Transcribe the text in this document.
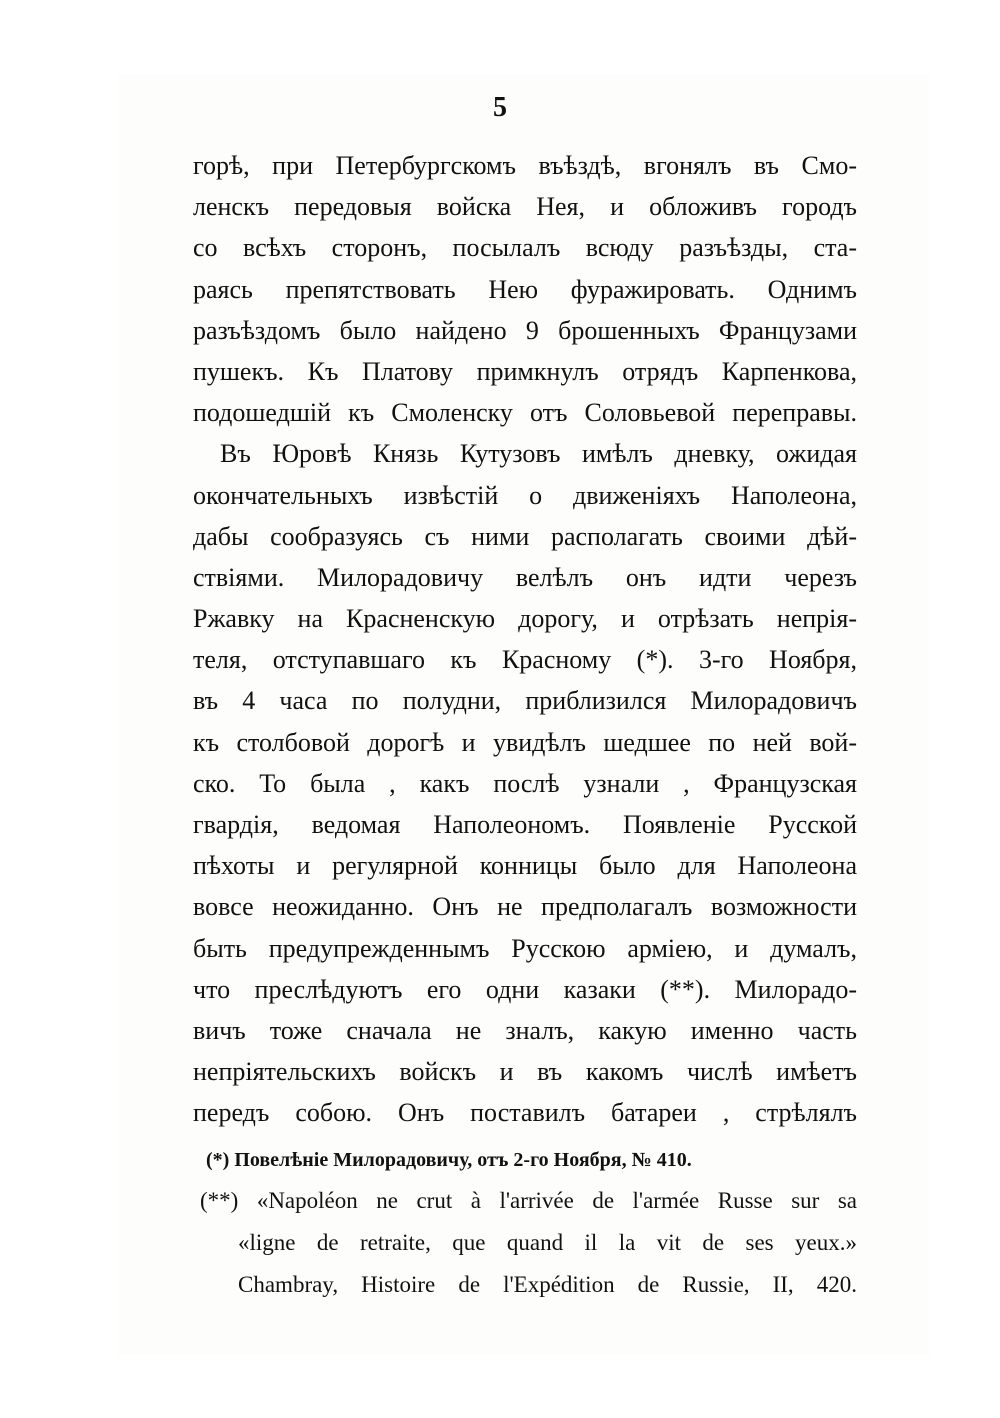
5
горѣ, при Петербургскомъ въѣздѣ, вгонялъ въ Смо-
ленскъ передовыя войска Нея, и обложивъ городъ
со всѣхъ сторонъ, посылалъ всюду разъѣзды, ста-
раясь препятствовать Нею фуражировать. Однимъ
разъѣздомъ было найдено 9 брошенныхъ Французами
пушекъ. Къ Платову примкнулъ отрядъ Карпенкова,
подошедшій къ Смоленску отъ Соловьевой переправы.
Въ Юровѣ Князь Кутузовъ имѣлъ дневку, ожидая
окончательныхъ извѣстій о движеніяхъ Наполеона,
дабы сообразуясь съ ними располагать своими дѣй-
ствіями. Милорадовичу велѣлъ онъ идти черезъ
Ржавку на Красненскую дорогу, и отрѣзать непрія-
теля, отступавшаго къ Красному (*). 3-го Ноября,
въ 4 часа по полудни, приблизился Милорадовичъ
къ столбовой дорогѣ и увидѣлъ шедшее по ней вой-
ско. То была , какъ послѣ узнали , Французская
гвардія, ведомая Наполеономъ. Появленіе Русской
пѣхоты и регулярной конницы было для Наполеона
вовсе неожиданно. Онъ не предполагалъ возможности
быть предупрежденнымъ Русскою арміею, и думалъ,
что преслѣдуютъ его одни казаки (**). Милорадо-
вичъ тоже сначала не зналъ, какую именно часть
непріятельскихъ войскъ и въ какомъ числѣ имѣетъ
передъ собою. Онъ поставилъ батареи , стрѣлялъ
(*) Повелѣніе Милорадовичу, отъ 2-го Ноября, № 410.
(**) «Napoléon ne crut à l'arrivée de l'armée Russe sur sa
«ligne de retraite, que quand il la vit de ses yeux.»
Chambray, Histoire de l'Expédition de Russie, II, 420.
